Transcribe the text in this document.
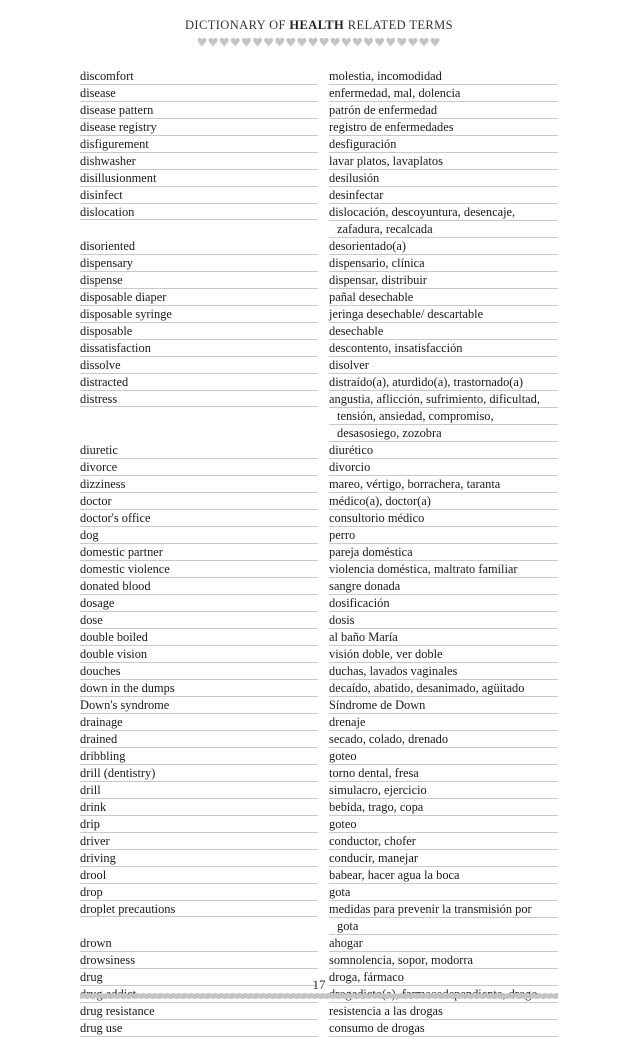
DICTIONARY OF HEALTH RELATED TERMS
discomfort	molestia, incomodidad
disease	enfermedad, mal, dolencia
disease pattern	patrón de enfermedad
disease registry	registro de enfermedades
disfigurement	desfiguración
dishwasher	lavar platos, lavaplatos
disillusionment	desilusión
disinfect	desinfectar
dislocation	dislocación, descoyuntura, desencaje,
zafadura, recalcada
disoriented	desorientado(a)
dispensary	dispensario, clínica
dispense	dispensar, distribuir
disposable diaper	pañal desechable
disposable syringe	jeringa desechable/ descartable
disposable	desechable
dissatisfaction	descontento, insatisfacción
dissolve	disolver
distracted	distraído(a), aturdido(a), trastornado(a)
distress	angustia, aflicción, sufrimiento, dificultad,
tensión, ansiedad, compromiso,
desasosiego, zozobra
diuretic	diurético
divorce	divorcio
dizziness	mareo, vértigo, borrachera, taranta
doctor	médico(a), doctor(a)
doctor's office	consultorio médico
dog	perro
domestic partner	pareja doméstica
domestic violence	violencia doméstica, maltrato familiar
donated blood	sangre donada
dosage	dosificación
dose	dosis
double boiled	al baño María
double vision	visión doble, ver doble
douches	duchas, lavados vaginales
down in the dumps	decaído, abatido, desanimado, agüitado
Down's syndrome	Síndrome de Down
drainage	drenaje
drained	secado, colado, drenado
dribbling	goteo
drill (dentistry)	torno dental, fresa
drill	simulacro, ejercicio
drink	bebida, trago, copa
drip	goteo
driver	conductor, chofer
driving	conducir, manejar
drool	babear, hacer agua la boca
drop	gota
droplet precautions	medidas para prevenir la transmisión por
gota
drown	ahogar
drowsiness	somnolencia, sopor, modorra
drug	droga, fármaco
drug resistance	resistencia a las drogas
drug use	consumo de drogas
17
